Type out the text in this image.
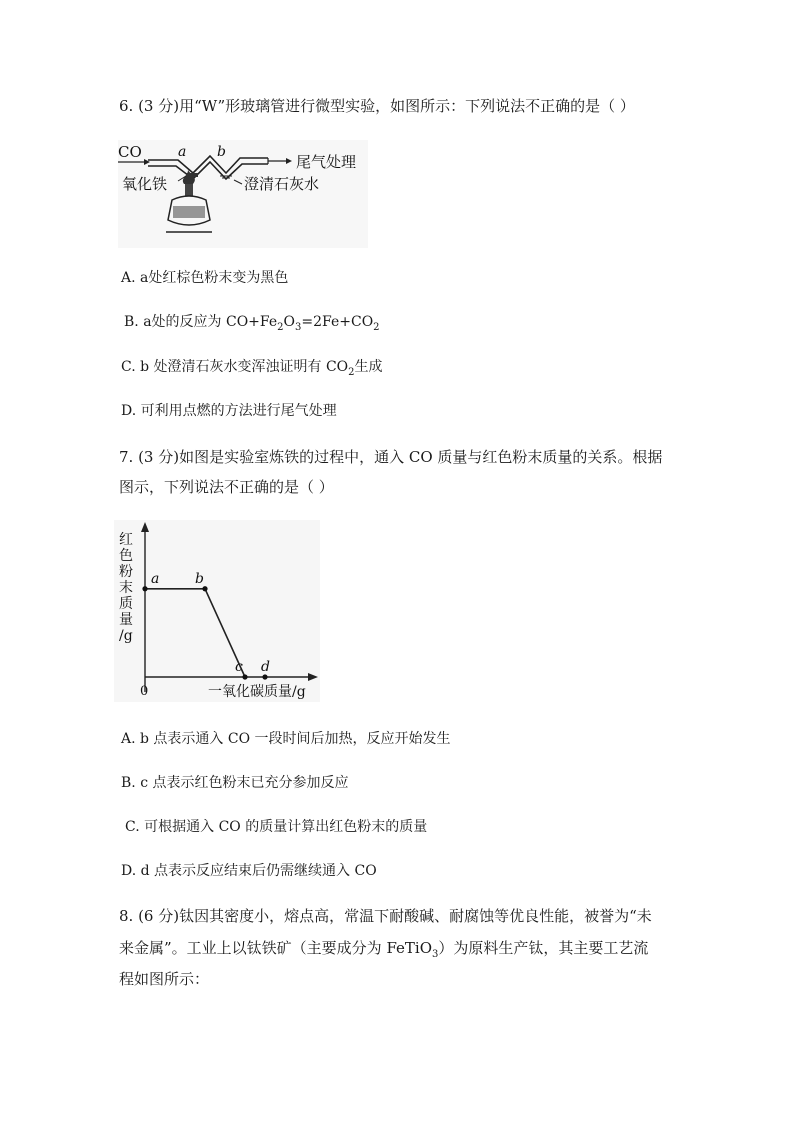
6. (3 分)用“W”形玻璃管进行微型实验，如图所示：下列说法不正确的是（ ）
CO	a b
尾气处理
氧化铁	澄清石灰水
A. a处红棕色粉末变为黑色
B. a处的反应为 $CO+Fe_2O_3=2Fe+CO_2$
C. b 处澄清石灰水变浑浊证明有 $CO_2$生成
D. 可利用点燃的方法进行尾气处理
7. (3 分)如图是实验室炼铁的过程中，通入 CO 质量与红色粉末质量的关系。根据
图示，下列说法不正确的是（ ）
红
色
粉
末
质
量
/g
0	一氧化碳质量/g
a	b
c d
A. b 点表示通入 CO 一段时间后加热，反应开始发生
B. c 点表示红色粉末已充分参加反应
C. 可根据通入 CO 的质量计算出红色粉末的质量
D. d 点表示反应结束后仍需继续通入 CO
8. (6 分)钛因其密度小，熔点高，常温下耐酸碱、耐腐蚀等优良性能，被誉为“未
来金属”。工业上以钛铁矿（主要成分为 FeTiO$_3$）为原料生产钛，其主要工艺流
程如图所示：
